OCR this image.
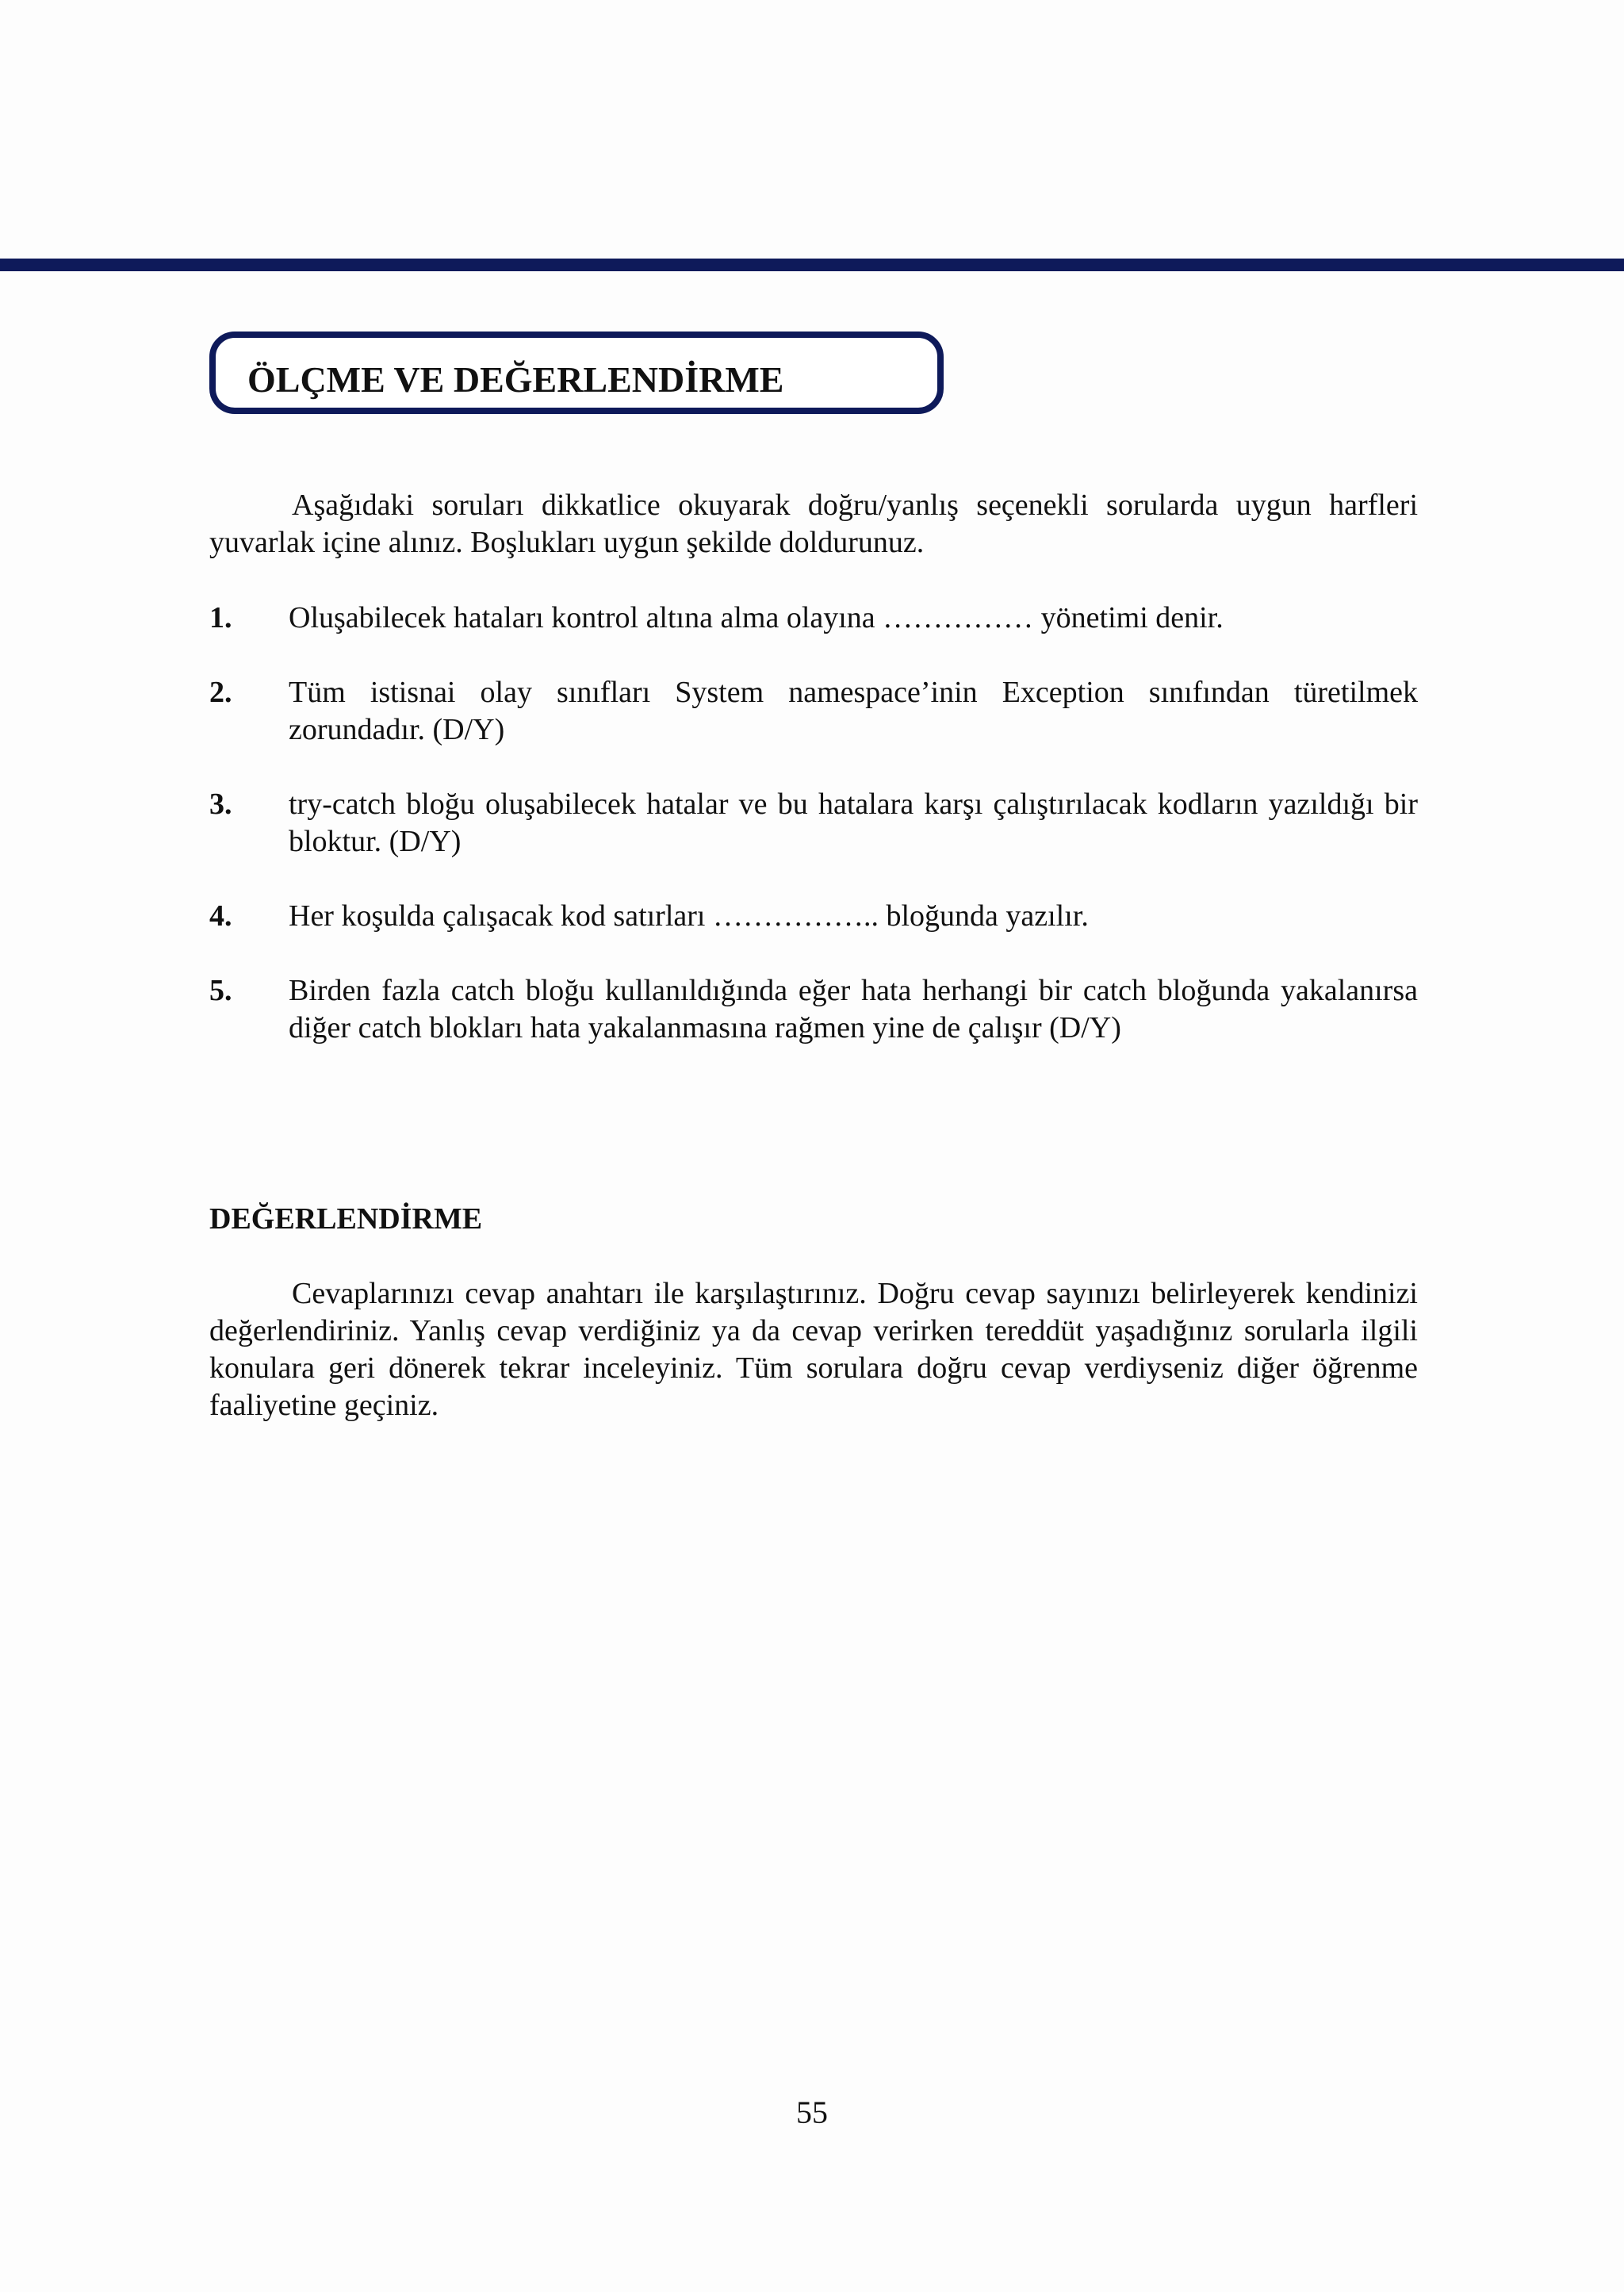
ÖLÇME VE DEĞERLENDİRME

Aşağıdaki soruları dikkatlice okuyarak doğru/yanlış seçenekli sorularda uygun harfleri yuvarlak içine alınız. Boşlukları uygun şekilde doldurunuz.

1. Oluşabilecek hataları kontrol altına alma olayına …………… yönetimi denir.
2. Tüm istisnai olay sınıfları System namespace’inin Exception sınıfından türetilmek zorundadır. (D/Y)
3. try-catch bloğu oluşabilecek hatalar ve bu hatalara karşı çalıştırılacak kodların yazıldığı bir bloktur. (D/Y)
4. Her koşulda çalışacak kod satırları …………….. bloğunda yazılır.
5. Birden fazla catch bloğu kullanıldığında eğer hata herhangi bir catch bloğunda yakalanırsa diğer catch blokları hata yakalanmasına rağmen yine de çalışır (D/Y)
DEĞERLENDİRME

Cevaplarınızı cevap anahtarı ile karşılaştırınız. Doğru cevap sayınızı belirleyerek kendinizi değerlendiriniz. Yanlış cevap verdiğiniz ya da cevap verirken tereddüt yaşadığınız sorularla ilgili konulara geri dönerek tekrar inceleyiniz. Tüm sorulara doğru cevap verdiyseniz diğer öğrenme faaliyetine geçiniz.

55
